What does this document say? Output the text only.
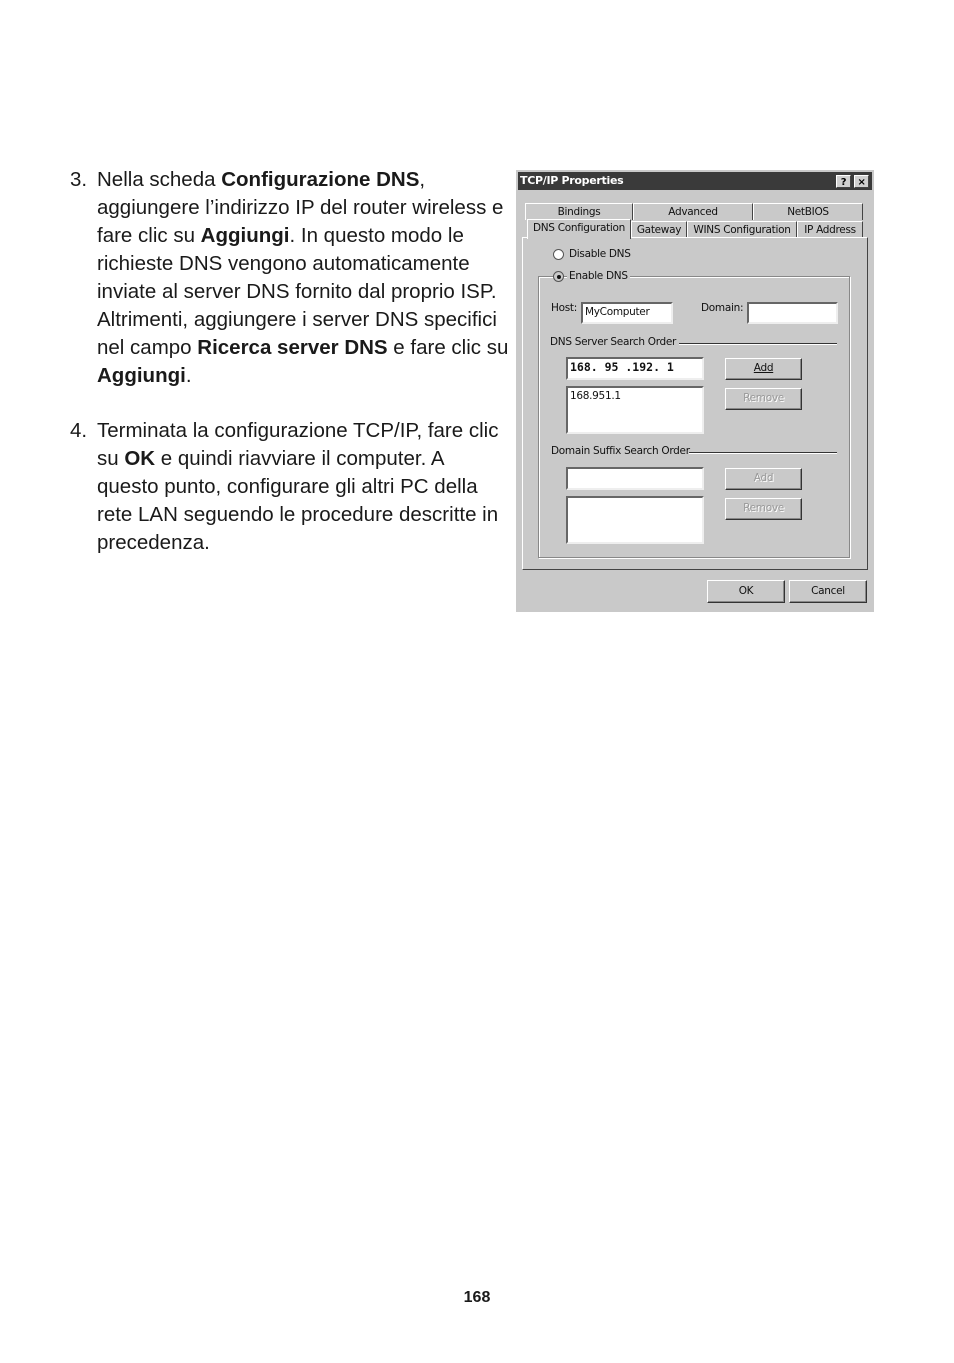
3. Nella scheda Configurazione DNS, aggiungere l’indirizzo IP del router wireless e fare clic su Aggiungi. In questo modo le richieste DNS vengono automaticamente inviate al server DNS fornito dal proprio ISP. Altrimenti, aggiungere i server DNS specifici nel campo Ricerca server DNS e fare clic su Aggiungi.
4. Terminata la configurazione TCP/IP, fare clic su OK e quindi riavviare il computer. A questo punto, configurare gli altri PC della rete LAN seguendo le procedure descritte in precedenza.
TCP/IP Properties	?	×
Bindings	Advanced	NetBIOS
DNS Configuration	Gateway	WINS Configuration	IP Address
Disable DNS
Enable DNS
Host: MyComputer	Domain:
DNS Server Search Order
168. 95 .192. 1	Add
168.951.1	Remove
Domain Suffix Search Order
Add
Remove
OK	Cancel
168
